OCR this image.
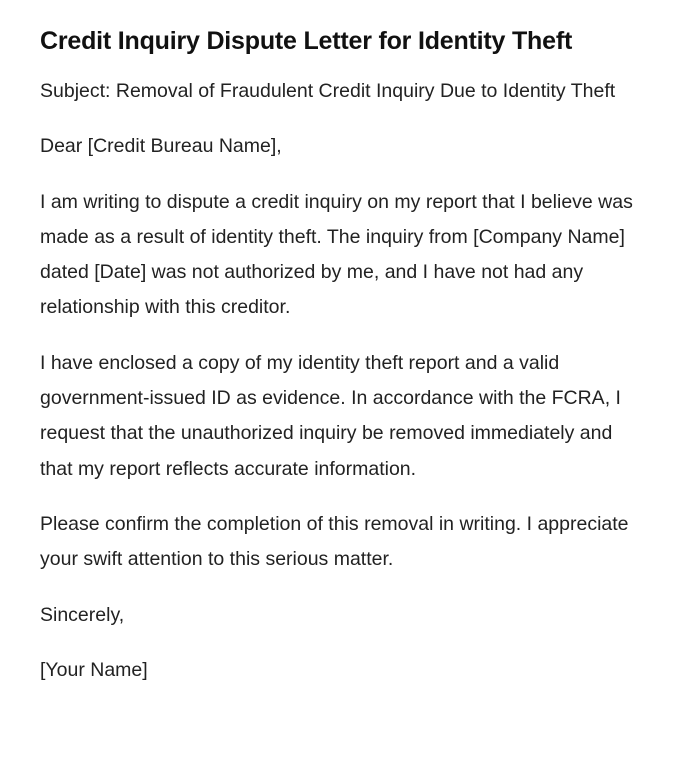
Credit Inquiry Dispute Letter for Identity Theft

Subject: Removal of Fraudulent Credit Inquiry Due to Identity Theft

Dear [Credit Bureau Name],

I am writing to dispute a credit inquiry on my report that I believe was made as a result of identity theft. The inquiry from [Company Name] dated [Date] was not authorized by me, and I have not had any relationship with this creditor.

I have enclosed a copy of my identity theft report and a valid government-issued ID as evidence. In accordance with the FCRA, I request that the unauthorized inquiry be removed immediately and that my report reflects accurate information.

Please confirm the completion of this removal in writing. I appreciate your swift attention to this serious matter.

Sincerely,

[Your Name]
